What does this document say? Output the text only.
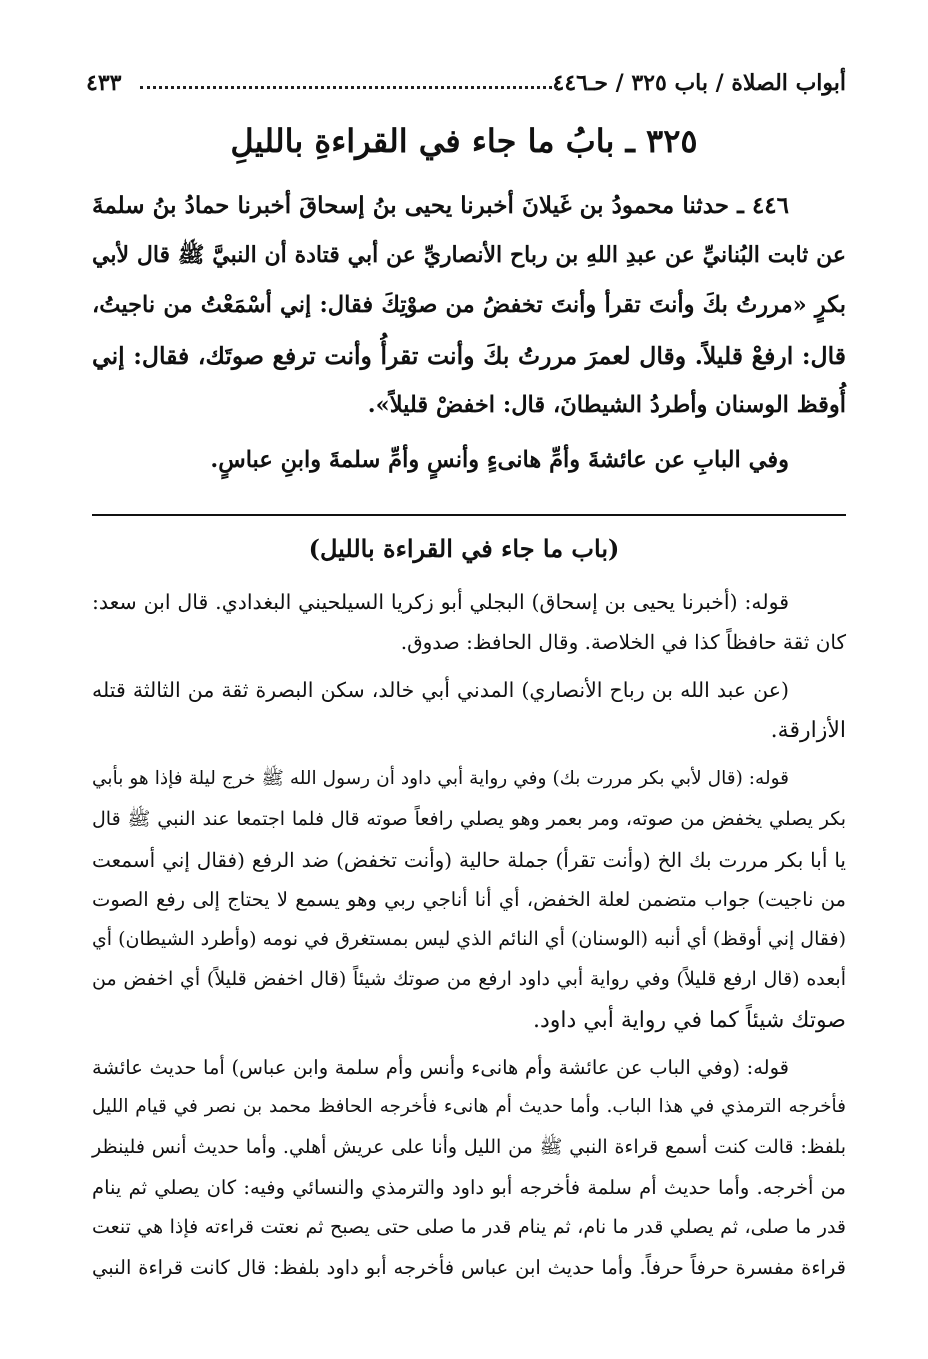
أبواب الصلاة / باب ٣٢٥ / حـ٤٤٦
٤٣٣
٣٢٥ ـ بابُ ما جاء في القراءةِ بالليلِ
٤٤٦ ـ حدثنا محمودُ بن غَيلانَ أخبرنا يحيى بنُ إسحاقَ أخبرنا حمادُ بنُ سلمةَ
عن ثابت البُنانيِّ عن عبدِ اللهِ بن رباح الأنصاريِّ عن أبي قتادة أن النبيَّ ﷺ قال لأبي
بكرٍ «مررتُ بكَ وأنتَ تقرأ وأنتَ تخفضُ من صوْتِكَ فقال: إني أسْمَعْتُ من ناجيتُ،
قال: ارفعْ قليلاً. وقال لعمرَ مررتُ بكَ وأنت تقرأُ وأنت ترفع صوتَك، فقال: إني
أُوقظ الوسنان وأطردُ الشيطانَ، قال: اخفضْ قليلاً».
وفي البابِ عن عائشةَ وأمِّ هانىءٍ وأنسٍ وأمِّ سلمةَ وابنِ عباسٍ.
(باب ما جاء في القراءة بالليل)
قوله: (أخبرنا يحيى بن إسحاق) البجلي أبو زكريا السيلحيني البغدادي. قال ابن سعد:
كان ثقة حافظاً كذا في الخلاصة. وقال الحافظ: صدوق.
(عن عبد الله بن رباح الأنصاري) المدني أبي خالد، سكن البصرة ثقة من الثالثة قتله
الأزارقة.
قوله: (قال لأبي بكر مررت بك) وفي رواية أبي داود أن رسول الله ﷺ خرج ليلة فإذا هو بأبي
بكر يصلي يخفض من صوته، ومر بعمر وهو يصلي رافعاً صوته قال فلما اجتمعا عند النبي ﷺ قال
يا أبا بكر مررت بك الخ (وأنت تقرأ) جملة حالية (وأنت تخفض) ضد الرفع (فقال إني أسمعت
من ناجيت) جواب متضمن لعلة الخفض، أي أنا أناجي ربي وهو يسمع لا يحتاج إلى رفع الصوت
(فقال إني أوقظ) أي أنبه (الوسنان) أي النائم الذي ليس بمستغرق في نومه (وأطرد الشيطان) أي
أبعده (قال ارفع قليلاً) وفي رواية أبي داود ارفع من صوتك شيئاً (قال اخفض قليلاً) أي اخفض من
صوتك شيئاً كما في رواية أبي داود.
قوله: (وفي الباب عن عائشة وأم هانىء وأنس وأم سلمة وابن عباس) أما حديث عائشة
فأخرجه الترمذي في هذا الباب. وأما حديث أم هانىء فأخرجه الحافظ محمد بن نصر في قيام الليل
بلفظ: قالت كنت أسمع قراءة النبي ﷺ من الليل وأنا على عريش أهلي. وأما حديث أنس فلينظر
من أخرجه. وأما حديث أم سلمة فأخرجه أبو داود والترمذي والنسائي وفيه: كان يصلي ثم ينام
قدر ما صلى، ثم يصلي قدر ما نام، ثم ينام قدر ما صلى حتى يصبح ثم نعتت قراءته فإذا هي تنعت
قراءة مفسرة حرفاً حرفاً. وأما حديث ابن عباس فأخرجه أبو داود بلفظ: قال كانت قراءة النبي
